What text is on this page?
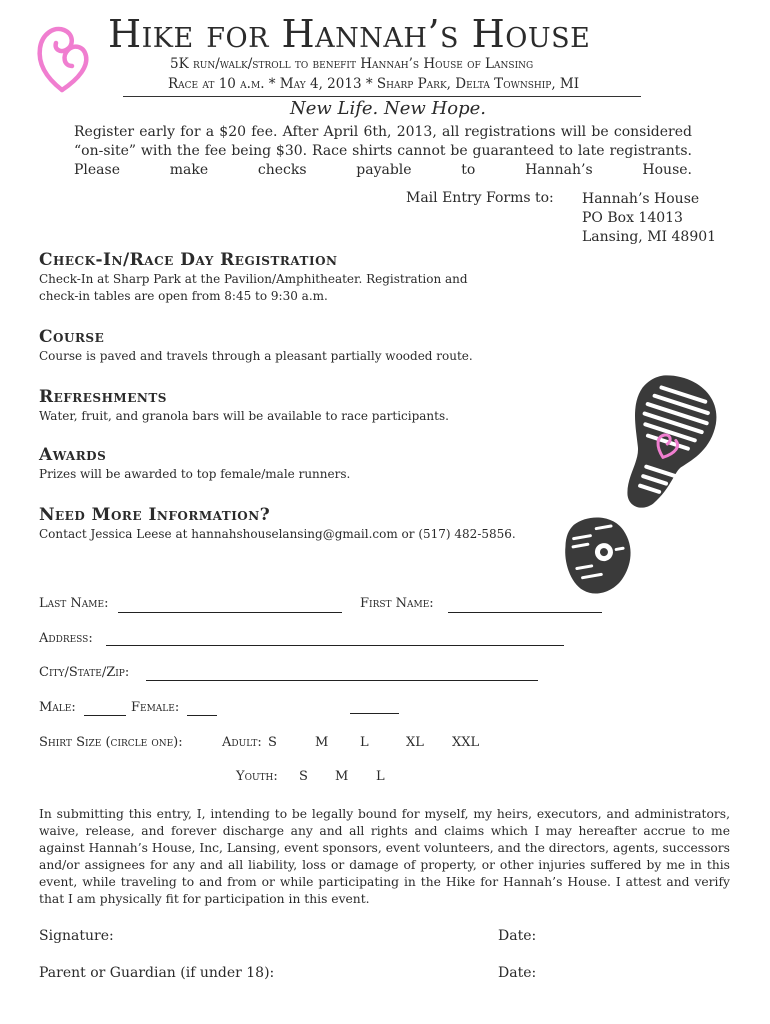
Hike for Hannah’s House
5K run/walk/stroll to benefit Hannah’s House of Lansing
Race at 10 a.m. * May 4, 2013 * Sharp Park, Delta Township, MI
New Life. New Hope.

Register early for a $20 fee. After April 6th, 2013, all registrations will be considered “on-site” with the fee being $30. Race shirts cannot be guaranteed to late registrants. Please make checks payable to Hannah’s House.

Mail Entry Forms to: Hannah’s House
PO Box 14013
Lansing, MI 48901
Check-In/Race Day Registration
Check-In at Sharp Park at the Pavilion/Amphitheater. Registration and
check-in tables are open from 8:45 to 9:30 a.m.
Course
Course is paved and travels through a pleasant partially wooded route.
Refreshments
Water, fruit, and granola bars will be available to race participants.
Awards
Prizes will be awarded to top female/male runners.
Need More Information?
Contact Jessica Leese at hannahshouselansing@gmail.com or (517) 482-5856.
Last Name:	First Name:
Address:
City/State/Zip:
Male:	Female:
Shirt Size (circle one):	Adult: S	M L	XL XXL
Youth: S M L
In submitting this entry, I, intending to be legally bound for myself, my heirs, executors, and administrators, waive, release, and forever discharge any and all rights and claims which I may hereafter accrue to me against Hannah’s House, Inc, Lansing, event sponsors, event volunteers, and the directors, agents, successors and/or assignees for any and all liability, loss or damage of property, or other injuries suffered by me in this event, while traveling to and from or while participating in the Hike for Hannah’s House. I attest and verify that I am physically fit for participation in this event.
Signature:	Date:
Parent or Guardian (if under 18):	Date:
